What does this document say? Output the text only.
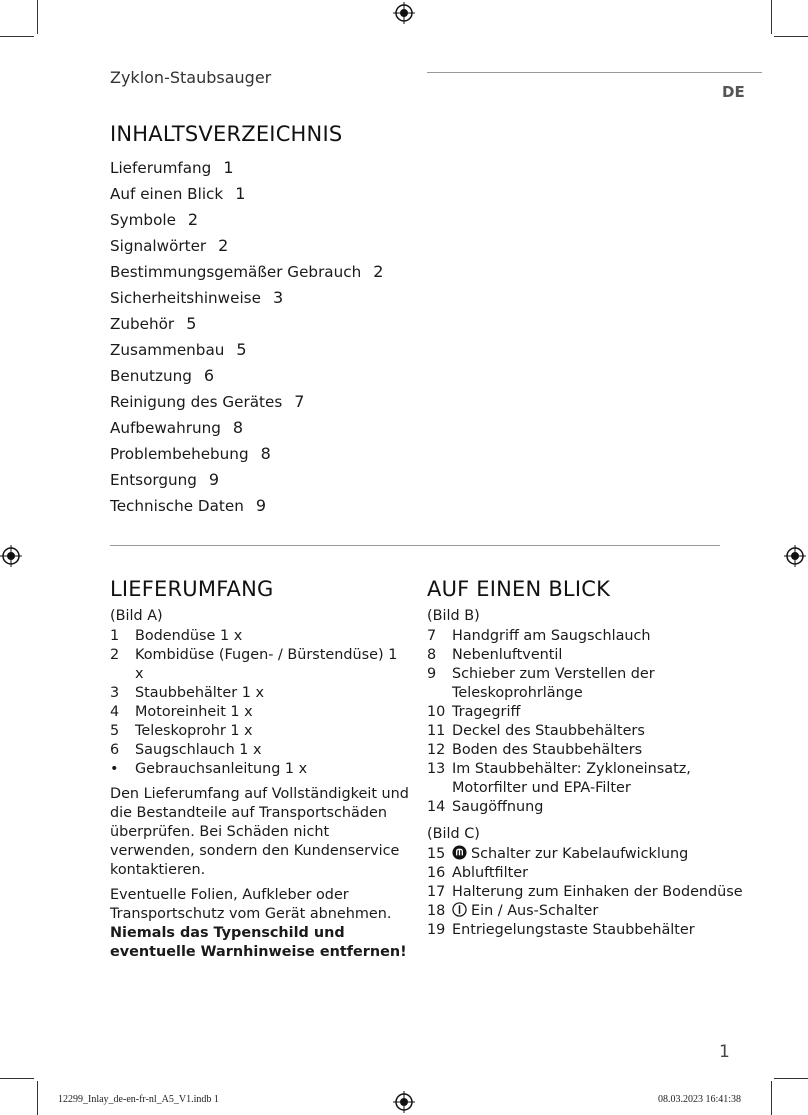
Zyklon-Staubsauger
DE
INHALTSVERZEICHNIS
Lieferumfang 1
Auf einen Blick 1
Symbole 2
Signalwörter 2
Bestimmungsgemäßer Gebrauch 2
Sicherheitshinweise 3
Zubehör 5
Zusammenbau 5
Benutzung 6
Reinigung des Gerätes 7
Aufbewahrung 8
Problembehebung 8
Entsorgung 9
Technische Daten 9
LIEFERUMFANG
(Bild A)
1	Bodendüse 1 x
2	Kombidüse (Fugen- / Bürstendüse) 1 x
3	Staubbehälter 1 x
4	Motoreinheit 1 x
5	Teleskoprohr 1 x
6	Saugschlauch 1 x
•	Gebrauchsanleitung 1 x

Den Lieferumfang auf Vollständigkeit und die Bestandteile auf Transportschäden überprüfen. Bei Schäden nicht verwenden, sondern den Kundenservice kontaktieren.

Eventuelle Folien, Aufkleber oder Transportschutz vom Gerät abnehmen. Niemals das Typenschild und eventuelle Warnhinweise entfernen!

AUF EINEN BLICK
(Bild B)
7	Handgriff am Saugschlauch
8	Nebenluftventil
9	Schieber zum Verstellen der Teleskoprohrlänge
10 Tragegriff
11 Deckel des Staubbehälters
12 Boden des Staubbehälters
13 Im Staubbehälter: Zykloneinsatz, Motorfilter und EPA-Filter
14 Saugöffnung
(Bild C)
15	Schalter zur Kabelaufwicklung
16 Abluftfilter
17 Halterung zum Einhaken der Bodendüse
18	Ein / Aus-Schalter
19 Entriegelungstaste Staubbehälter
1
12299_Inlay_de-en-fr-nl_A5_V1.indb 1	08.03.2023 16:41:38
